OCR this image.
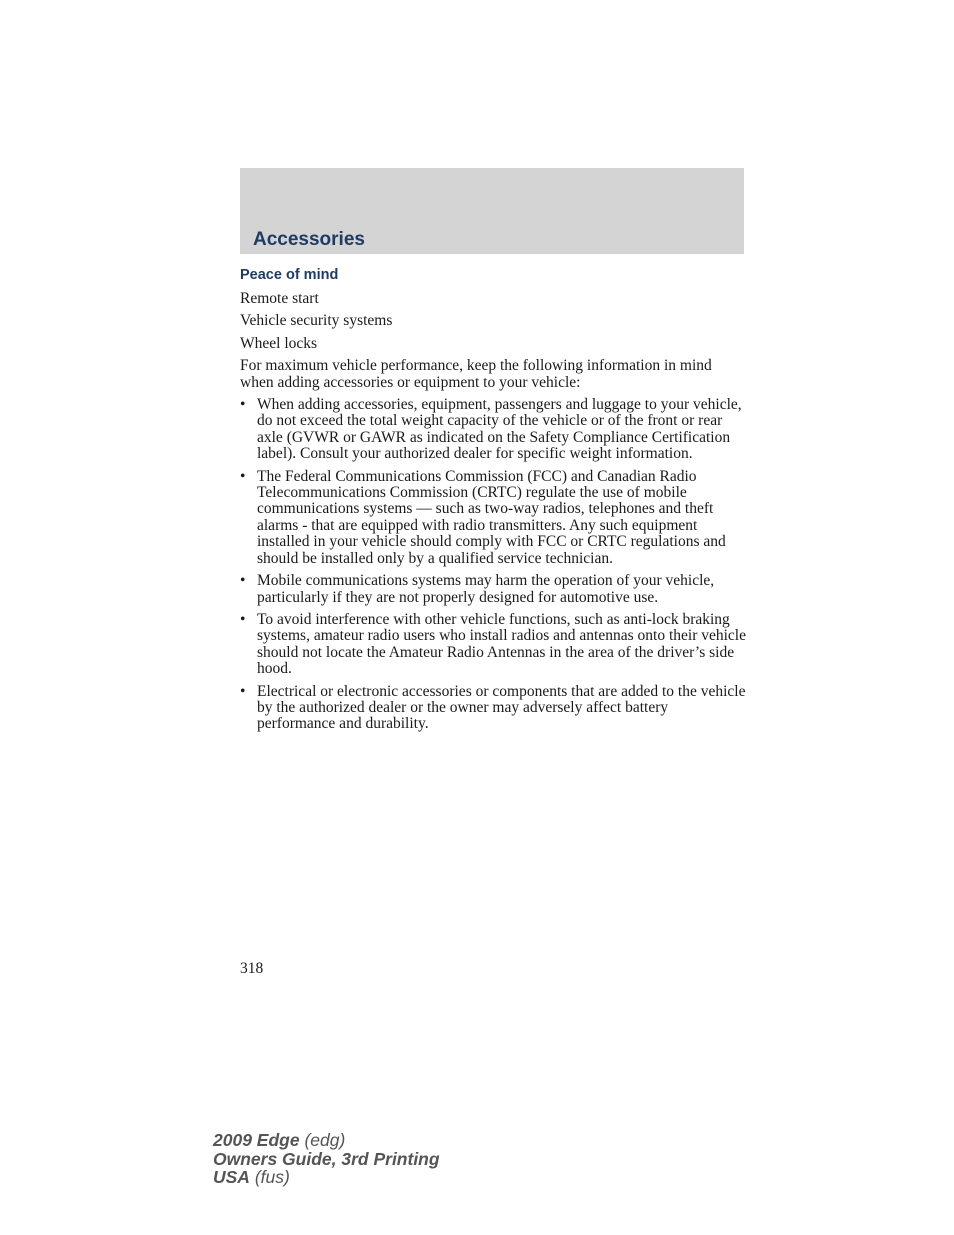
Accessories
Peace of mind

Remote start

Vehicle security systems

Wheel locks

For maximum vehicle performance, keep the following information in mind when adding accessories or equipment to your vehicle:

• When adding accessories, equipment, passengers and luggage to your vehicle, do not exceed the total weight capacity of the vehicle or of the front or rear axle (GVWR or GAWR as indicated on the Safety Compliance Certification label). Consult your authorized dealer for specific weight information.
• The Federal Communications Commission (FCC) and Canadian Radio Telecommunications Commission (CRTC) regulate the use of mobile communications systems — such as two-way radios, telephones and theft alarms - that are equipped with radio transmitters. Any such equipment installed in your vehicle should comply with FCC or CRTC regulations and should be installed only by a qualified service technician.
• Mobile communications systems may harm the operation of your vehicle, particularly if they are not properly designed for automotive use.
• To avoid interference with other vehicle functions, such as anti-lock braking systems, amateur radio users who install radios and antennas onto their vehicle should not locate the Amateur Radio Antennas in the area of the driver’s side hood.
• Electrical or electronic accessories or components that are added to the vehicle by the authorized dealer or the owner may adversely affect battery performance and durability.
318
2009 Edge (edg)
Owners Guide, 3rd Printing
USA (fus)
